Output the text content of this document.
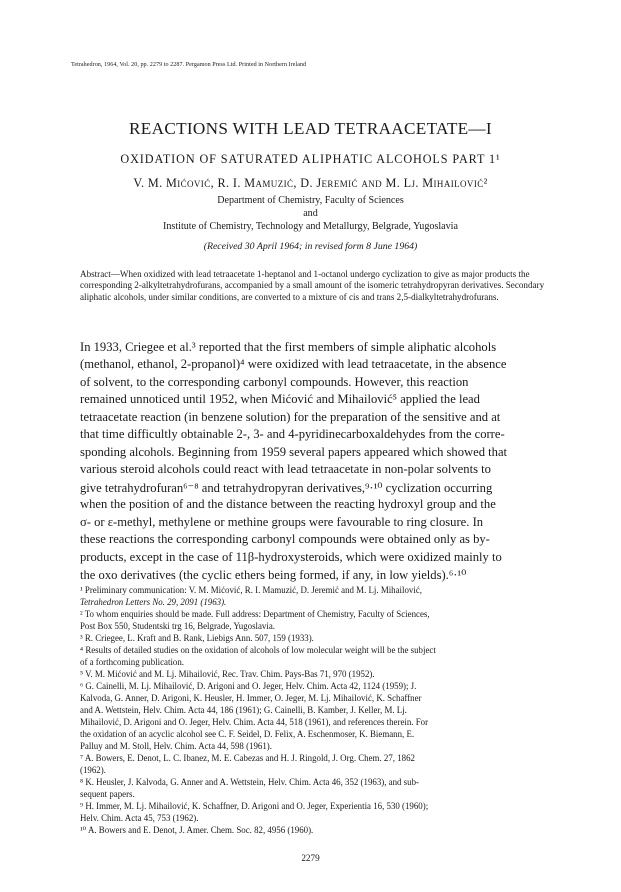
Tetrahedron, 1964, Vol. 20, pp. 2279 to 2287. Pergamon Press Ltd. Printed in Northern Ireland
REACTIONS WITH LEAD TETRAACETATE—I
OXIDATION OF SATURATED ALIPHATIC ALCOHOLS PART 1¹
V. M. Mićović, R. I. Mamuzić, D. Jeremić and M. Lj. Mihailović²
Department of Chemistry, Faculty of Sciences
and
Institute of Chemistry, Technology and Metallurgy, Belgrade, Yugoslavia
(Received 30 April 1964; in revised form 8 June 1964)
Abstract—When oxidized with lead tetraacetate 1-heptanol and 1-octanol undergo cyclization to give as major products the corresponding 2-alkyltetrahydrofurans, accompanied by a small amount of the isomeric tetrahydropyran derivatives. Secondary aliphatic alcohols, under similar conditions, are converted to a mixture of cis and trans 2,5-dialkyltetrahydrofurans.
In 1933, Criegee et al.³ reported that the first members of simple aliphatic alcohols
(methanol, ethanol, 2-propanol)⁴ were oxidized with lead tetraacetate, in the absence
of solvent, to the corresponding carbonyl compounds. However, this reaction
remained unnoticed until 1952, when Mićović and Mihailović⁵ applied the lead
tetraacetate reaction (in benzene solution) for the preparation of the sensitive and at
that time difficultly obtainable 2-, 3- and 4-pyridinecarboxaldehydes from the corre-
sponding alcohols. Beginning from 1959 several papers appeared which showed that
various steroid alcohols could react with lead tetraacetate in non-polar solvents to
give tetrahydrofuran⁶⁻⁸ and tetrahydropyran derivatives,⁹·¹⁰ cyclization occurring
when the position of and the distance between the reacting hydroxyl group and the
σ- or ε-methyl, methylene or methine groups were favourable to ring closure. In
these reactions the corresponding carbonyl compounds were obtained only as by-
products, except in the case of 11β-hydroxysteroids, which were oxidized mainly to
the oxo derivatives (the cyclic ethers being formed, if any, in low yields).⁶·¹⁰
¹ Preliminary communication: V. M. Mićović, R. I. Mamuzić, D. Jeremić and M. Lj. Mihailović,
Tetrahedron Letters No. 29, 2091 (1963).
² To whom enquiries should be made. Full address: Department of Chemistry, Faculty of Sciences,
Post Box 550, Studentski trg 16, Belgrade, Yugoslavia.
³ R. Criegee, L. Kraft and B. Rank, Liebigs Ann. 507, 159 (1933).
⁴ Results of detailed studies on the oxidation of alcohols of low molecular weight will be the subject
of a forthcoming publication.
⁵ V. M. Mićović and M. Lj. Mihailović, Rec. Trav. Chim. Pays-Bas 71, 970 (1952).
⁶ G. Cainelli, M. Lj. Mihailović, D. Arigoni and O. Jeger, Helv. Chim. Acta 42, 1124 (1959); J.
Kalvoda, G. Anner, D. Arigoni, K. Heusler, H. Immer, O. Jeger, M. Lj. Mihailović, K. Schaffner
and A. Wettstein, Helv. Chim. Acta 44, 186 (1961); G. Cainelli, B. Kamber, J. Keller, M. Lj.
Mihailović, D. Arigoni and O. Jeger, Helv. Chim. Acta 44, 518 (1961), and references therein. For
the oxidation of an acyclic alcohol see C. F. Seidel, D. Felix, A. Eschenmoser, K. Biemann, E.
Palluy and M. Stoll, Helv. Chim. Acta 44, 598 (1961).
⁷ A. Bowers, E. Denot, L. C. Ibanez, M. E. Cabezas and H. J. Ringold, J. Org. Chem. 27, 1862
(1962).
⁸ K. Heusler, J. Kalvoda, G. Anner and A. Wettstein, Helv. Chim. Acta 46, 352 (1963), and sub-
sequent papers.
⁹ H. Immer, M. Lj. Mihailović, K. Schaffner, D. Arigoni and O. Jeger, Experientia 16, 530 (1960);
Helv. Chim. Acta 45, 753 (1962).
¹⁰ A. Bowers and E. Denot, J. Amer. Chem. Soc. 82, 4956 (1960).
2279
